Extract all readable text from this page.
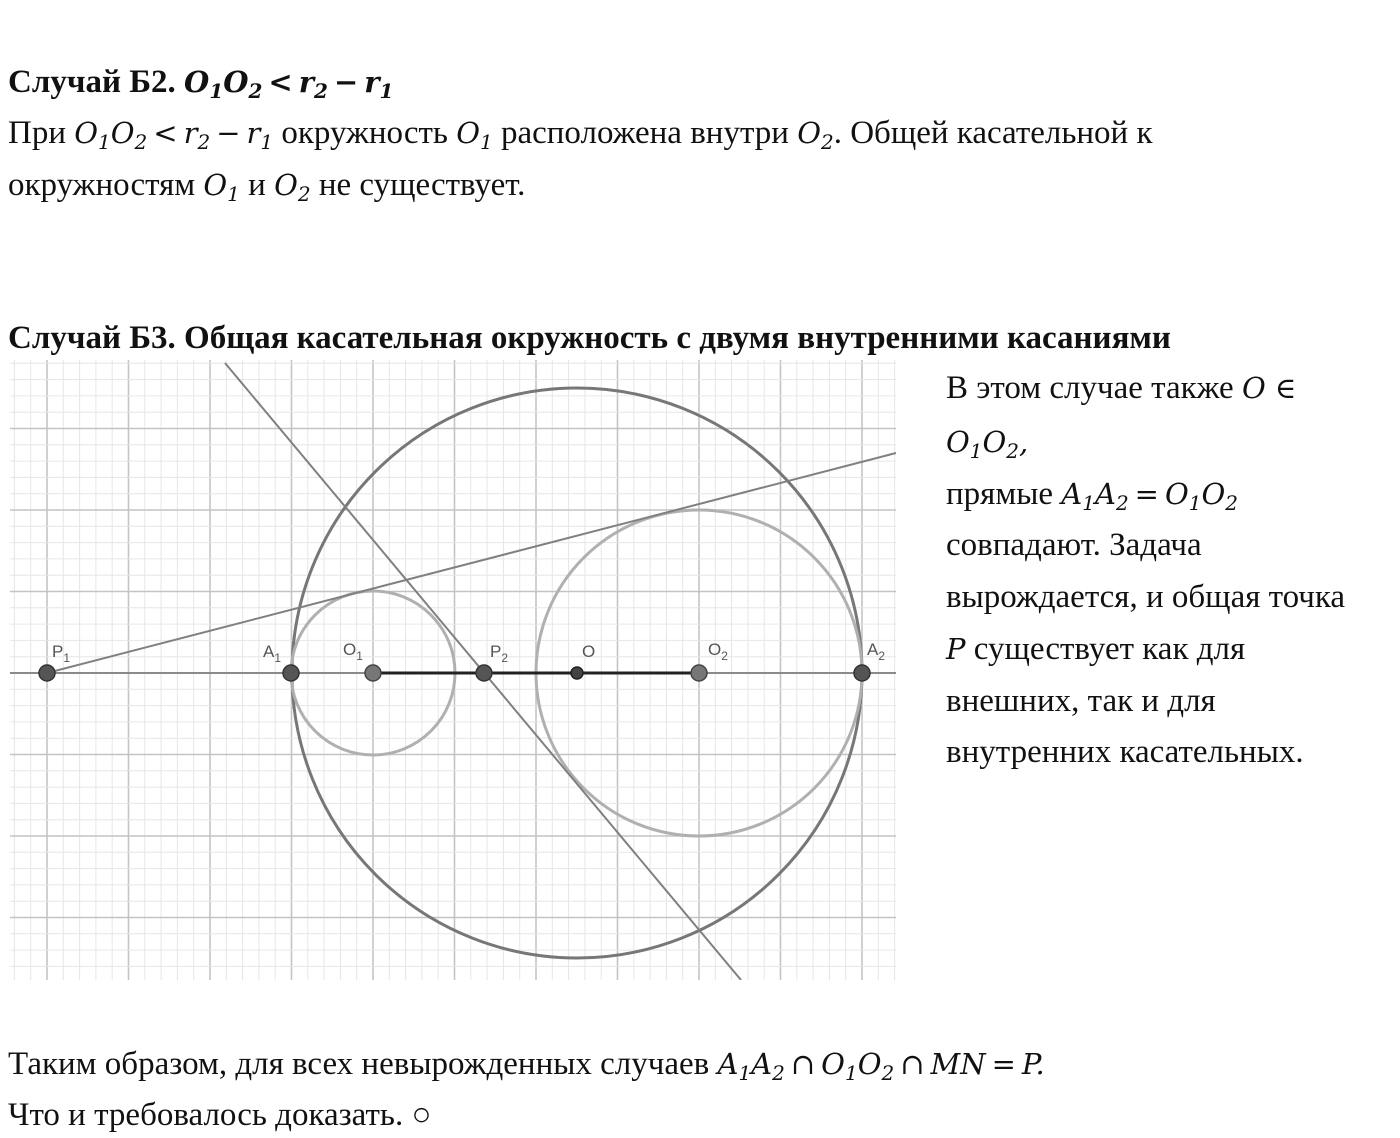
Случай Б2. $O_1O_2 < r_2 - r_1$
При $O_1O_2 < r_2 - r_1$ окружность $O_1$ расположена внутри $O_2$. Общей касательной к
окружностям $O_1$ и $O_2$ не существует.
Случай Б3. Общая касательная окружность с двумя внутренними касаниями
$P_1$	$A_1$	$O_1$	$P_2$	O	$O_2$	$A_2$
В этом случае также O ∈
$O_1O_2$,
прямые $A_1A_2 = O_1O_2$
совпадают. Задача
вырождается, и общая точка
P существует как для
внешних, так и для
внутренних касательных.
Таким образом, для всех невырожденных случаев $A_1A_2$ ∩ $O_1O_2$ ∩ MN = P.
Что и требовалось доказать. ○
